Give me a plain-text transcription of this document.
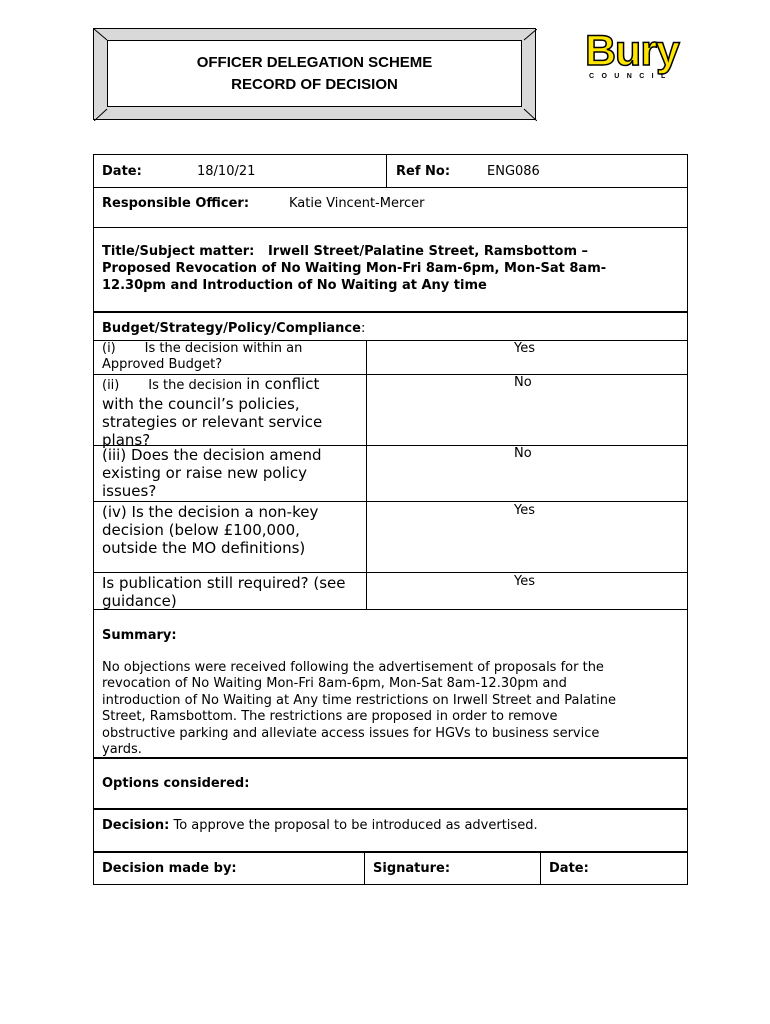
OFFICER DELEGATION SCHEME
RECORD OF DECISION
Bury
COUNCIL
Date:	18/10/21	Ref No:	ENG086
Responsible Officer:	Katie Vincent-Mercer
Title/Subject matter: Irwell Street/Palatine Street, Ramsbottom –
Proposed Revocation of No Waiting Mon-Fri 8am-6pm, Mon-Sat 8am-
12.30pm and Introduction of No Waiting at Any time
Budget/Strategy/Policy/Compliance:
(i)       Is the decision within an
Approved Budget?
Yes
(ii)       Is the decision in conflict
with the council’s policies,
strategies or relevant service
plans?
No
(iii) Does the decision amend
existing or raise new policy
issues?
No
(iv) Is the decision a non-key
decision (below £100,000,
outside the MO definitions)
Yes
Is publication still required? (see
guidance)
Yes
Summary:
No objections were received following the advertisement of proposals for the
revocation of No Waiting Mon-Fri 8am-6pm, Mon-Sat 8am-12.30pm and
introduction of No Waiting at Any time restrictions on Irwell Street and Palatine
Street, Ramsbottom. The restrictions are proposed in order to remove
obstructive parking and alleviate access issues for HGVs to business service
yards.
Options considered:
Decision: To approve the proposal to be introduced as advertised.
Decision made by:	Signature:	Date:
